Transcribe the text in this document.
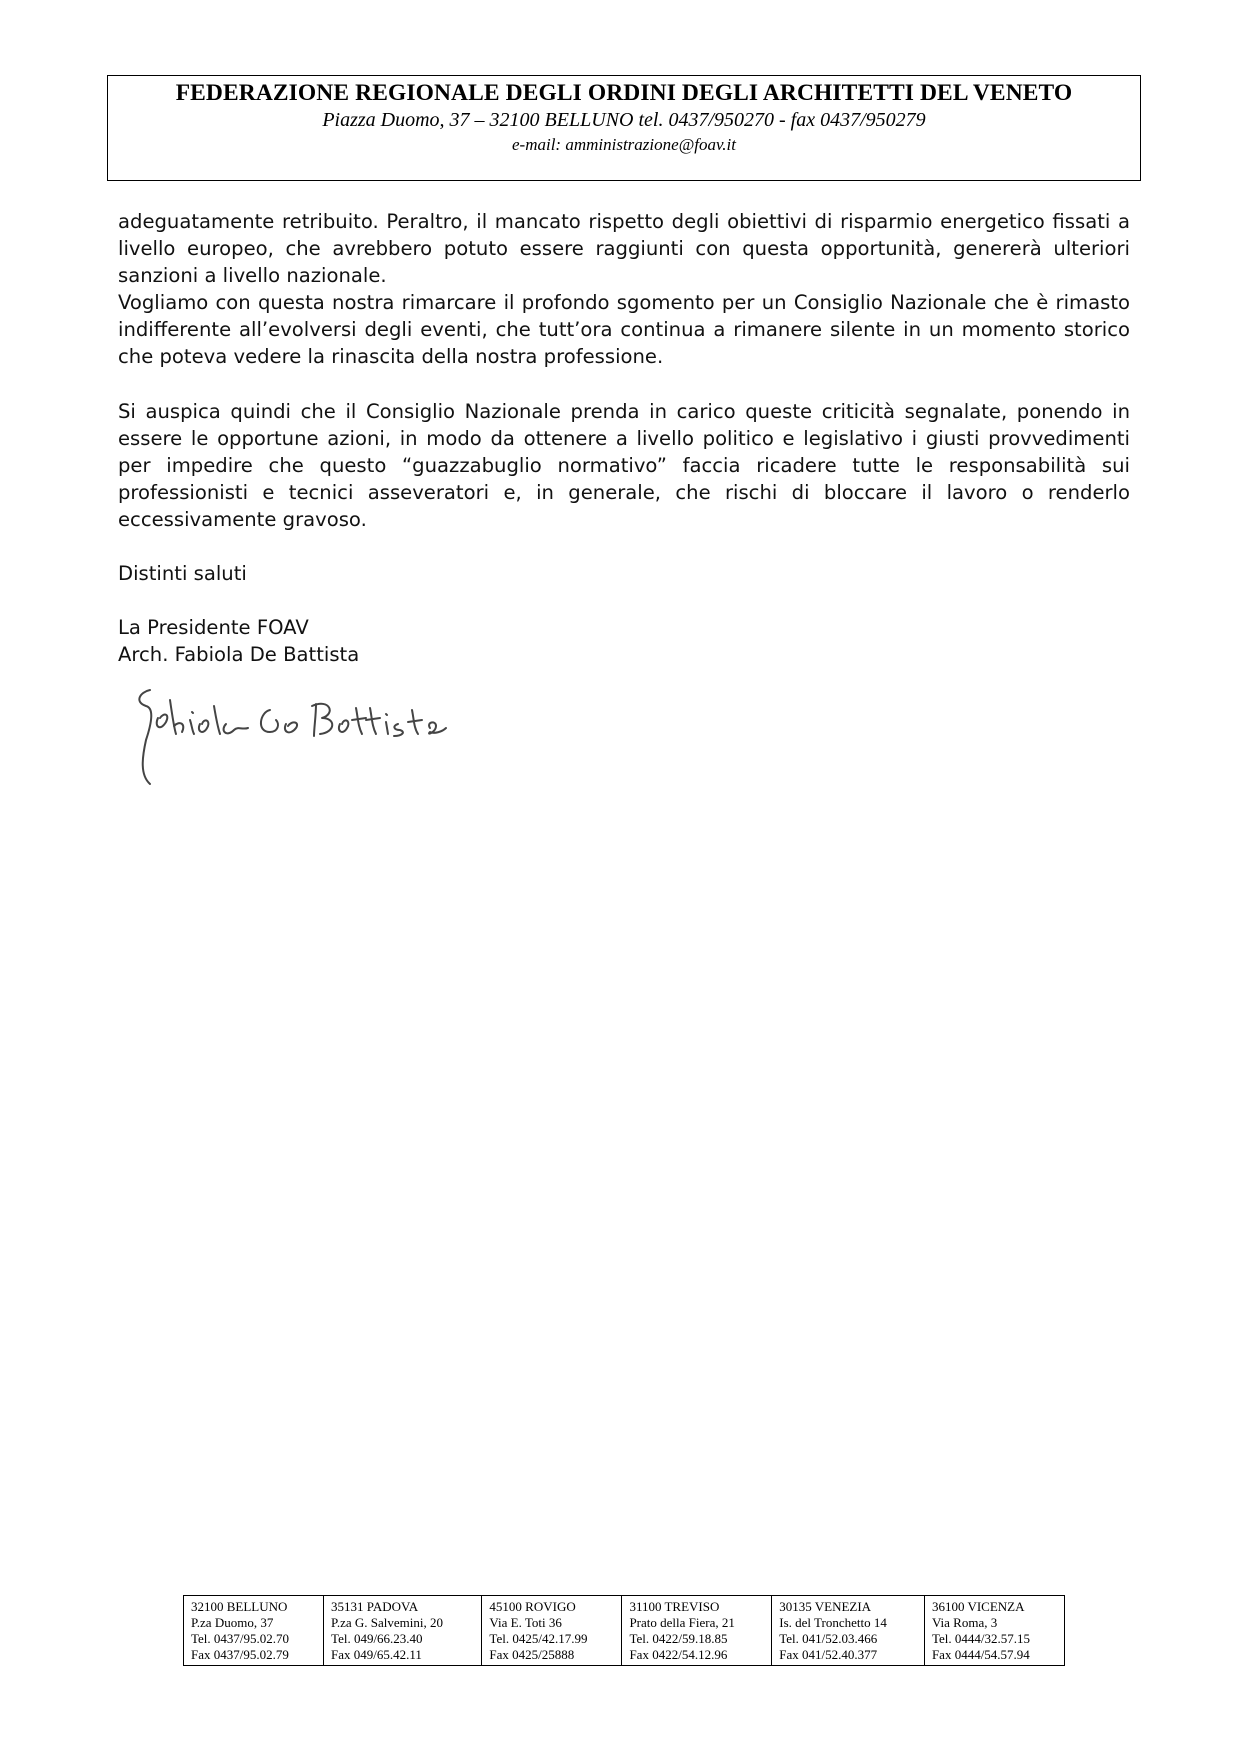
FEDERAZIONE REGIONALE DEGLI ORDINI DEGLI ARCHITETTI DEL VENETO
Piazza Duomo, 37 – 32100 BELLUNO tel. 0437/950270 - fax 0437/950279
e-mail: amministrazione@foav.it

adeguatamente retribuito. Peraltro, il mancato rispetto degli obiettivi di risparmio energetico fissati a livello europeo, che avrebbero potuto essere raggiunti con questa opportunità, genererà ulteriori sanzioni a livello nazionale.

Vogliamo con questa nostra rimarcare il profondo sgomento per un Consiglio Nazionale che è rimasto indifferente all’evolversi degli eventi, che tutt’ora continua a rimanere silente in un momento storico che poteva vedere la rinascita della nostra professione.

Si auspica quindi che il Consiglio Nazionale prenda in carico queste criticità segnalate, ponendo in essere le opportune azioni, in modo da ottenere a livello politico e legislativo i giusti provvedimenti per impedire che questo “guazzabuglio normativo” faccia ricadere tutte le responsabilità sui professionisti e tecnici asseveratori e, in generale, che rischi di bloccare il lavoro o renderlo eccessivamente gravoso.

Distinti saluti

La Presidente FOAV

Arch. Fabiola De Battista

32100 BELLUNO
P.za Duomo, 37
Tel. 0437/95.02.70
Fax 0437/95.02.79

35131 PADOVA
P.za G. Salvemini, 20
Tel. 049/66.23.40
Fax 049/65.42.11

45100 ROVIGO
Via E. Toti 36
Tel. 0425/42.17.99
Fax 0425/25888

31100 TREVISO
Prato della Fiera, 21
Tel. 0422/59.18.85
Fax 0422/54.12.96

30135 VENEZIA
Is. del Tronchetto 14
Tel. 041/52.03.466
Fax 041/52.40.377

36100 VICENZA
Via Roma, 3
Tel. 0444/32.57.15
Fax 0444/54.57.94
